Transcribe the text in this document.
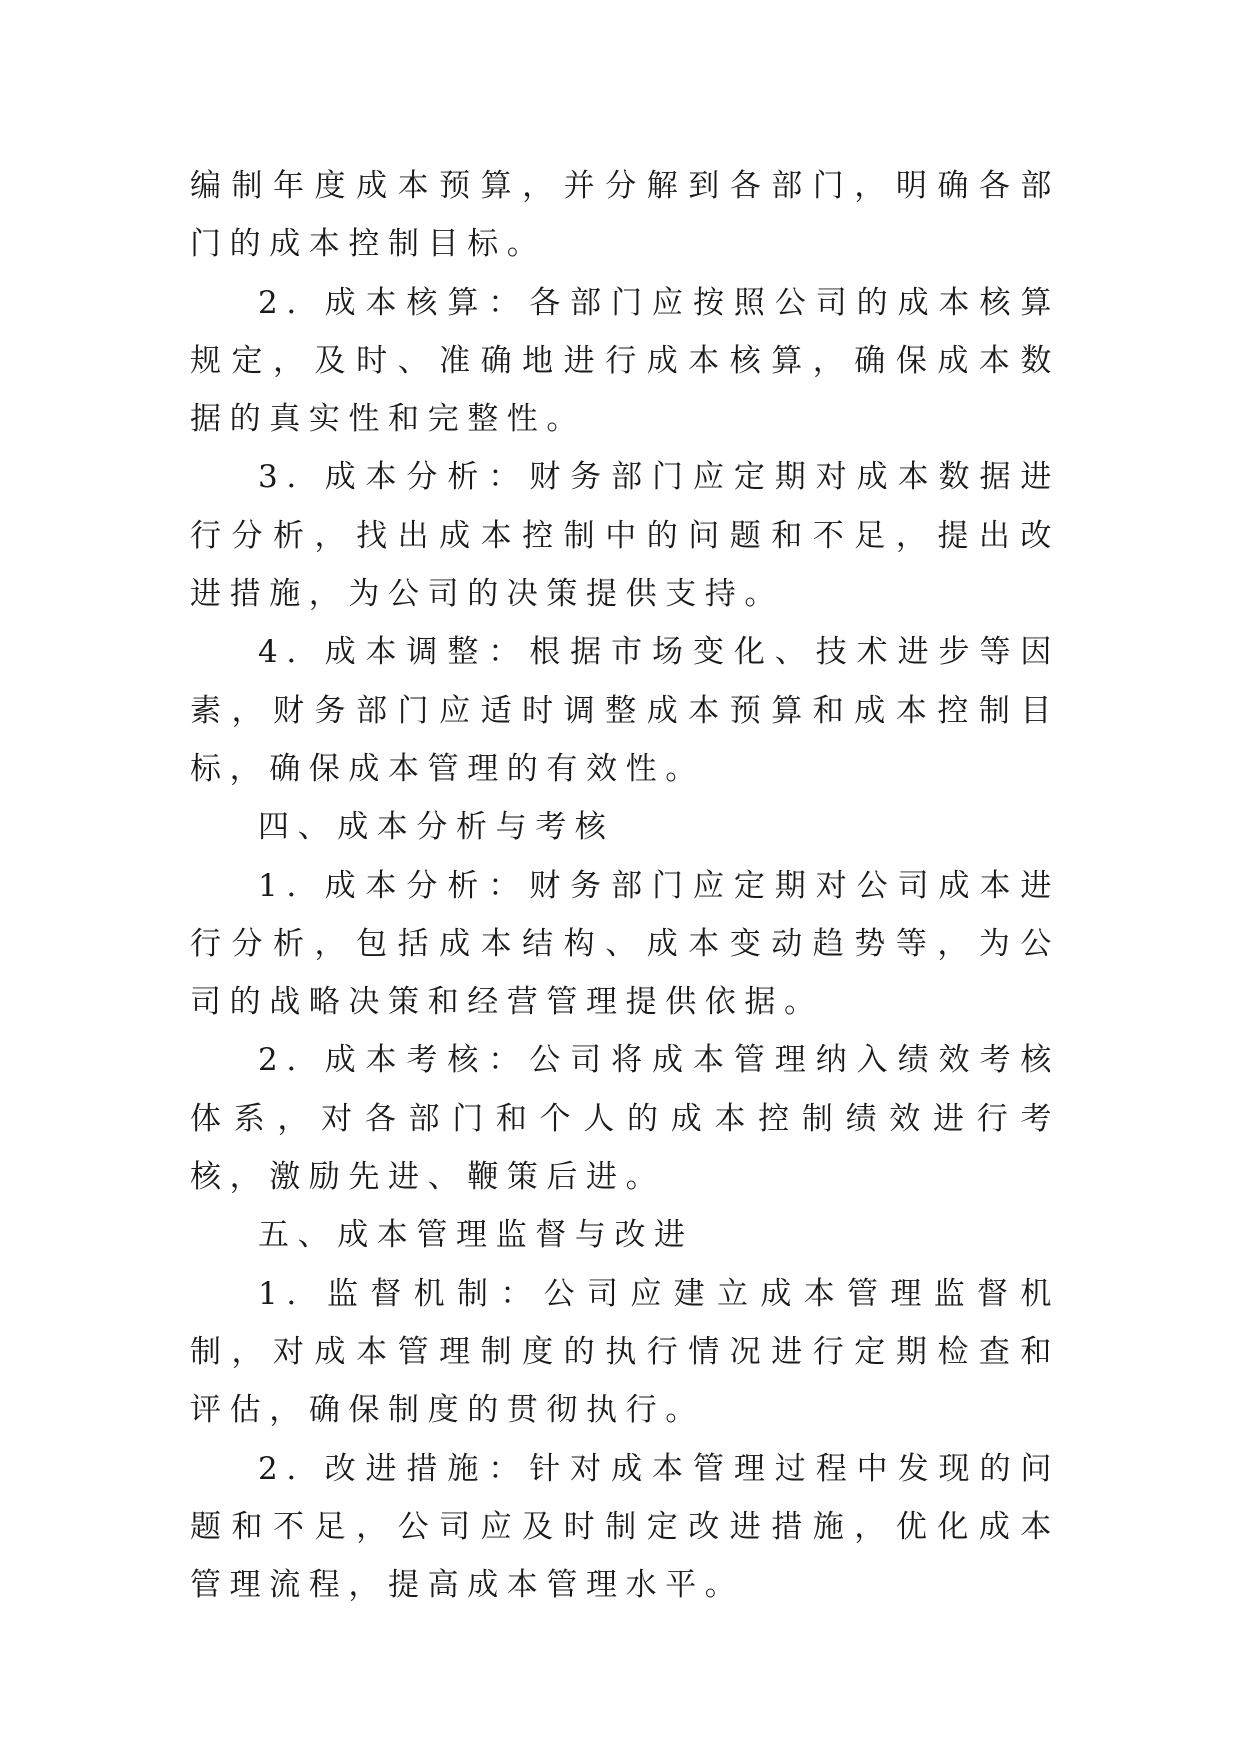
编制年度成本预算，并分解到各部门，明确各部门的成本控制目标。

2. 成本核算：各部门应按照公司的成本核算规定，及时、准确地进行成本核算，确保成本数据的真实性和完整性。

3. 成本分析：财务部门应定期对成本数据进行分析，找出成本控制中的问题和不足，提出改进措施，为公司的决策提供支持。

4. 成本调整：根据市场变化、技术进步等因素，财务部门应适时调整成本预算和成本控制目标，确保成本管理的有效性。

四、成本分析与考核

1. 成本分析：财务部门应定期对公司成本进行分析，包括成本结构、成本变动趋势等，为公司的战略决策和经营管理提供依据。

2. 成本考核：公司将成本管理纳入绩效考核体系，对各部门和个人的成本控制绩效进行考核，激励先进、鞭策后进。

五、成本管理监督与改进

1. 监督机制：公司应建立成本管理监督机制，对成本管理制度的执行情况进行定期检查和评估，确保制度的贯彻执行。

2. 改进措施：针对成本管理过程中发现的问题和不足，公司应及时制定改进措施，优化成本管理流程，提高成本管理水平。
